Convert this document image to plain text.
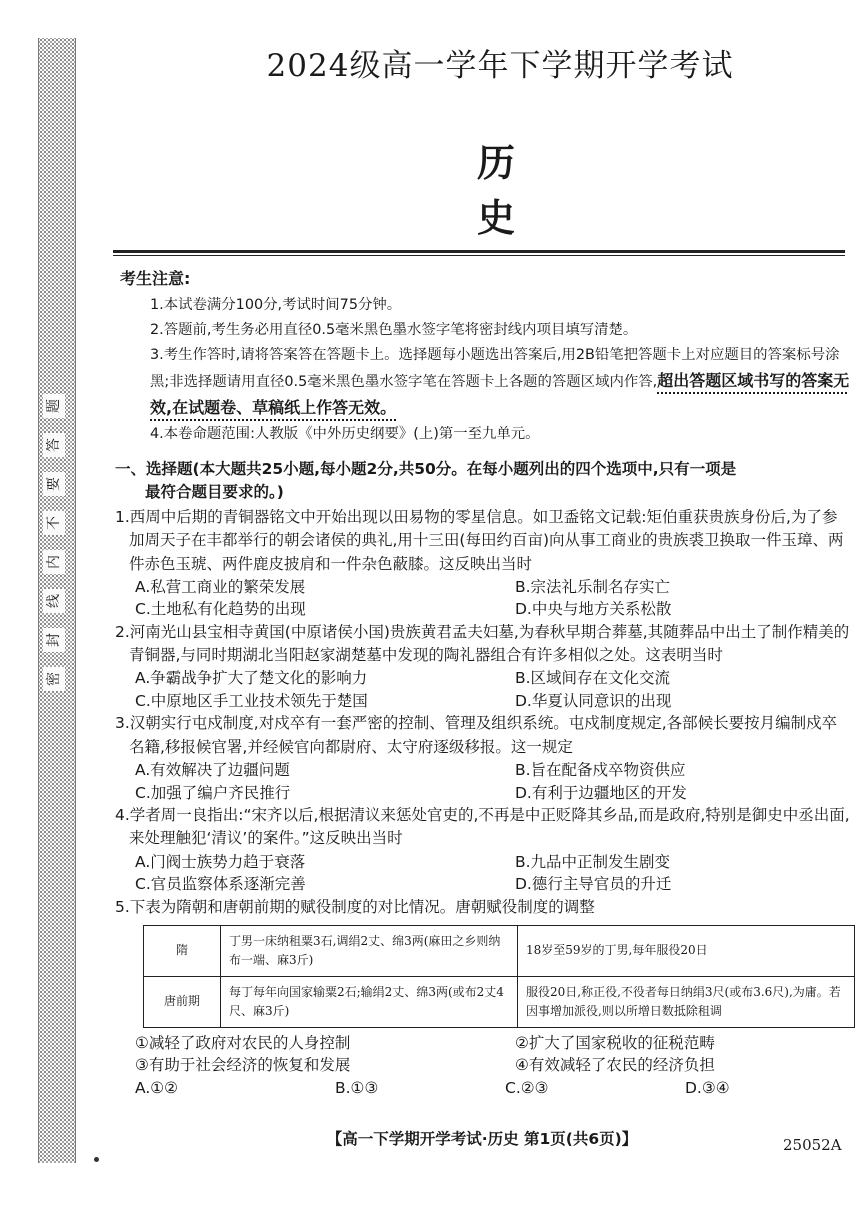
题
答
要
不
内
线
封
密
2024级高一学年下学期开学考试
历 史

考生注意:

1.本试卷满分100分,考试时间75分钟。

2.答题前,考生务必用直径0.5毫米黑色墨水签字笔将密封线内项目填写清楚。

3.考生作答时,请将答案答在答题卡上。选择题每小题选出答案后,用2B铅笔把答题卡上对应题目的答案标号涂黑;非选择题请用直径0.5毫米黑色墨水签字笔在答题卡上各题的答题区域内作答,超出答题区域书写的答案无效,在试题卷、草稿纸上作答无效。

4.本卷命题范围:人教版《中外历史纲要》(上)第一至九单元。

一、选择题(本大题共25小题,每小题2分,共50分。在每小题列出的四个选项中,只有一项是
最符合题目要求的。)

1.西周中后期的青铜器铭文中开始出现以田易物的零星信息。如卫盉铭文记载:矩伯重获贵族身份后,为了参加周天子在丰都举行的朝会诸侯的典礼,用十三田(每田约百亩)向从事工商业的贵族裘卫换取一件玉璋、两件赤色玉琥、两件鹿皮披肩和一件杂色蔽膝。这反映出当时

A.私营工商业的繁荣发展	B.宗法礼乐制名存实亡
C.土地私有化趋势的出现	D.中央与地方关系松散

2.河南光山县宝相寺黄国(中原诸侯小国)贵族黄君孟夫妇墓,为春秋早期合葬墓,其随葬品中出土了制作精美的青铜器,与同时期湖北当阳赵家湖楚墓中发现的陶礼器组合有许多相似之处。这表明当时

A.争霸战争扩大了楚文化的影响力	B.区域间存在文化交流
C.中原地区手工业技术领先于楚国	D.华夏认同意识的出现

3.汉朝实行屯戍制度,对戍卒有一套严密的控制、管理及组织系统。屯戍制度规定,各部候长要按月编制戍卒名籍,移报候官署,并经候官向都尉府、太守府逐级移报。这一规定

A.有效解决了边疆问题	B.旨在配备戍卒物资供应
C.加强了编户齐民推行	D.有利于边疆地区的开发

4.学者周一良指出:“宋齐以后,根据清议来惩处官吏的,不再是中正贬降其乡品,而是政府,特别是御史中丞出面,来处理触犯‘清议’的案件。”这反映出当时

A.门阀士族势力趋于衰落	B.九品中正制发生剧变
C.官员监察体系逐渐完善	D.德行主导官员的升迁

5.下表为隋朝和唐朝前期的赋役制度的对比情况。唐朝赋役制度的调整

隋	丁男一床纳租粟3石,调绢2丈、绵3两(麻田之乡则纳布一端、麻3斤)	18岁至59岁的丁男,每年服役20日
唐前期	每丁每年向国家输粟2石;输绢2丈、绵3两(或布2丈4尺、麻3斤)	服役20日,称正役,不役者每日纳绢3尺(或布3.6尺),为庸。若因事增加派役,则以所增日数抵除租调
①减轻了政府对农民的人身控制	②扩大了国家税收的征税范畴
③有助于社会经济的恢复和发展	④有效减轻了农民的经济负担
A.①②	B.①③	C.②③	D.③④
【高一下学期开学考试·历史 第1页(共6页)】	25052A
